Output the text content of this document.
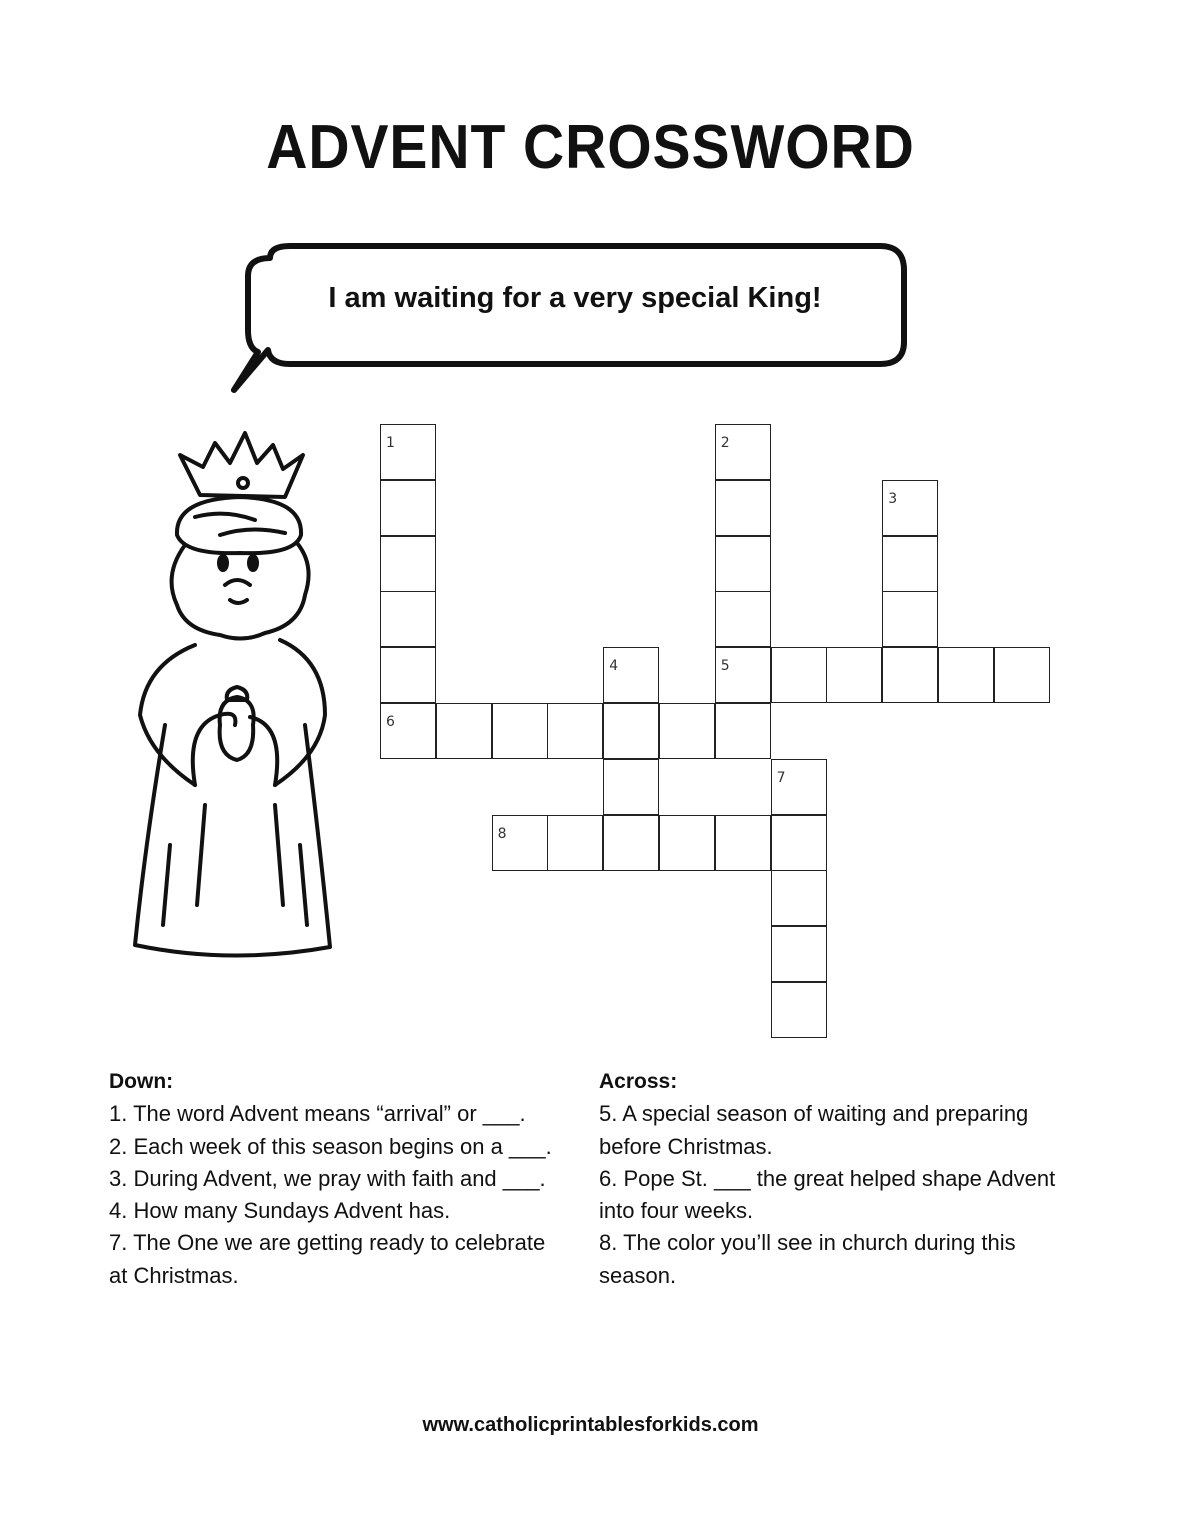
ADVENT CROSSWORD
I am waiting for a very special King!
1
6
2
5
3
4
7
8
Down:

1. The word Advent means “arrival” or ___.

2. Each week of this season begins on a ___.

3. During Advent, we pray with faith and ___.

4. How many Sundays Advent has.

7. The One we are getting ready to celebrate at Christmas.

Across:

5. A special season of waiting and preparing before Christmas.

6. Pope St. ___ the great helped shape Advent into four weeks.

8. The color you’ll see in church during this season.

www.catholicprintablesforkids.com
